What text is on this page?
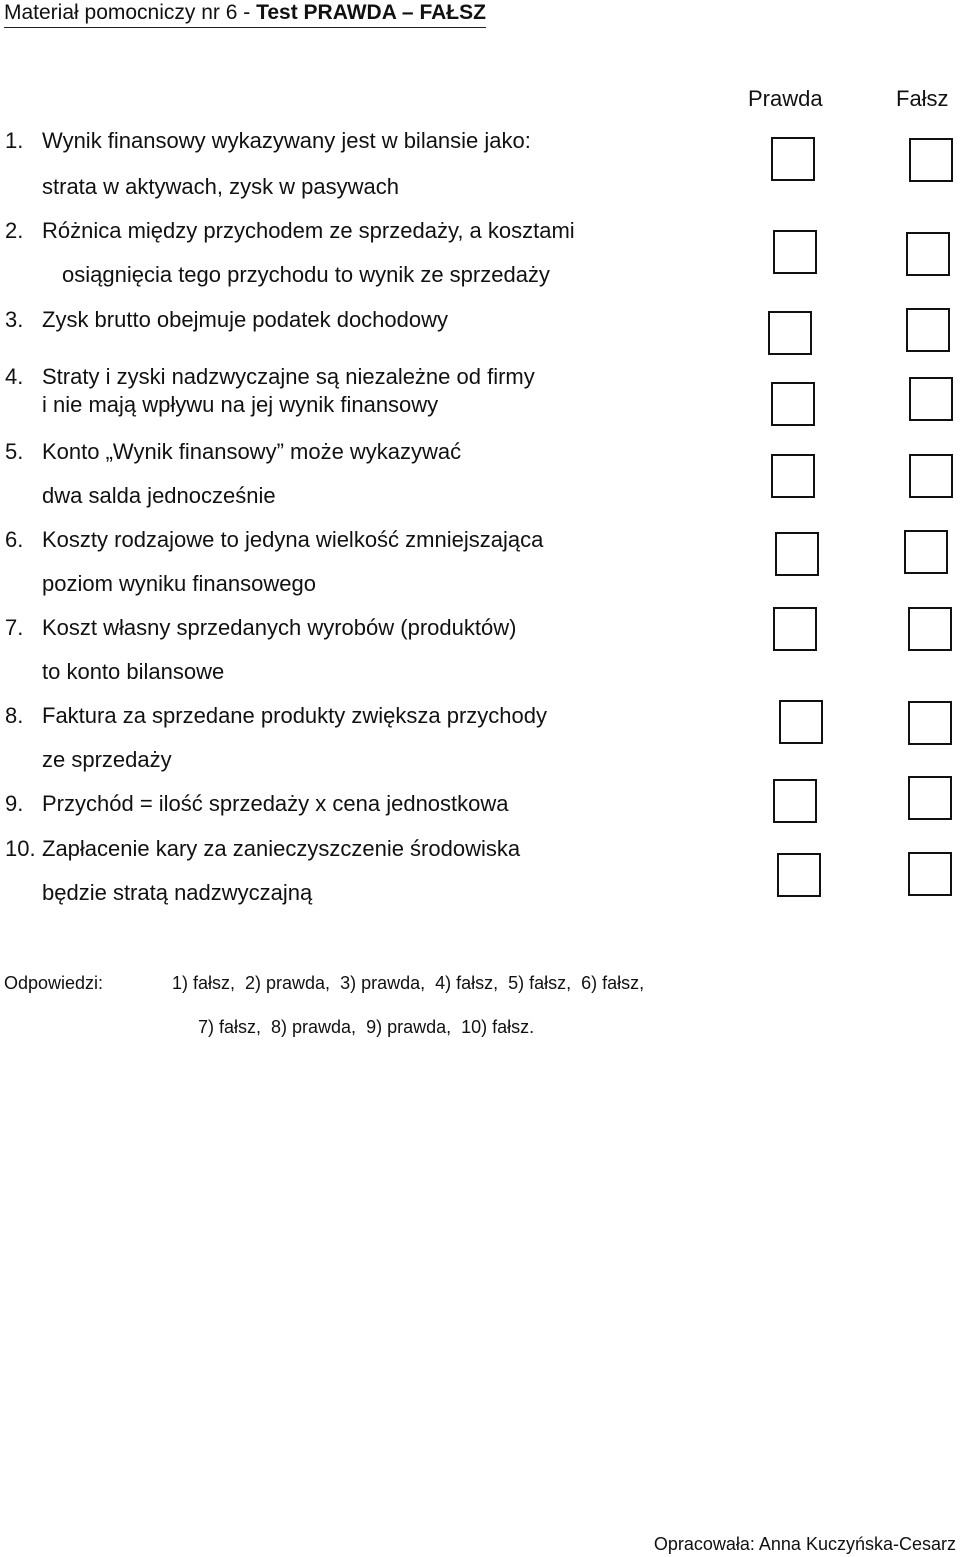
Materiał pomocniczy nr 6 - Test PRAWDA – FAŁSZ
Prawda	Fałsz
1. Wynik finansowy wykazywany jest w bilansie jako:
strata w aktywach, zysk w pasywach
2. Różnica między przychodem ze sprzedaży, a kosztami
osiągnięcia tego przychodu to wynik ze sprzedaży
3. Zysk brutto obejmuje podatek dochodowy
4. Straty i zyski nadzwyczajne są niezależne od firmy
i nie mają wpływu na jej wynik finansowy
5. Konto „Wynik finansowy” może wykazywać
dwa salda jednocześnie
6. Koszty rodzajowe to jedyna wielkość zmniejszająca
poziom wyniku finansowego
7. Koszt własny sprzedanych wyrobów (produktów)
to konto bilansowe
8. Faktura za sprzedane produkty zwiększa przychody
ze sprzedaży
9. Przychód = ilość sprzedaży x cena jednostkowa
10. Zapłacenie kary za zanieczyszczenie środowiska
będzie stratą nadzwyczajną
Odpowiedzi:	1) fałsz,  2) prawda,  3) prawda,  4) fałsz,  5) fałsz,  6) fałsz,
7) fałsz,  8) prawda,  9) prawda,  10) fałsz.
Opracowała: Anna Kuczyńska-Cesarz
